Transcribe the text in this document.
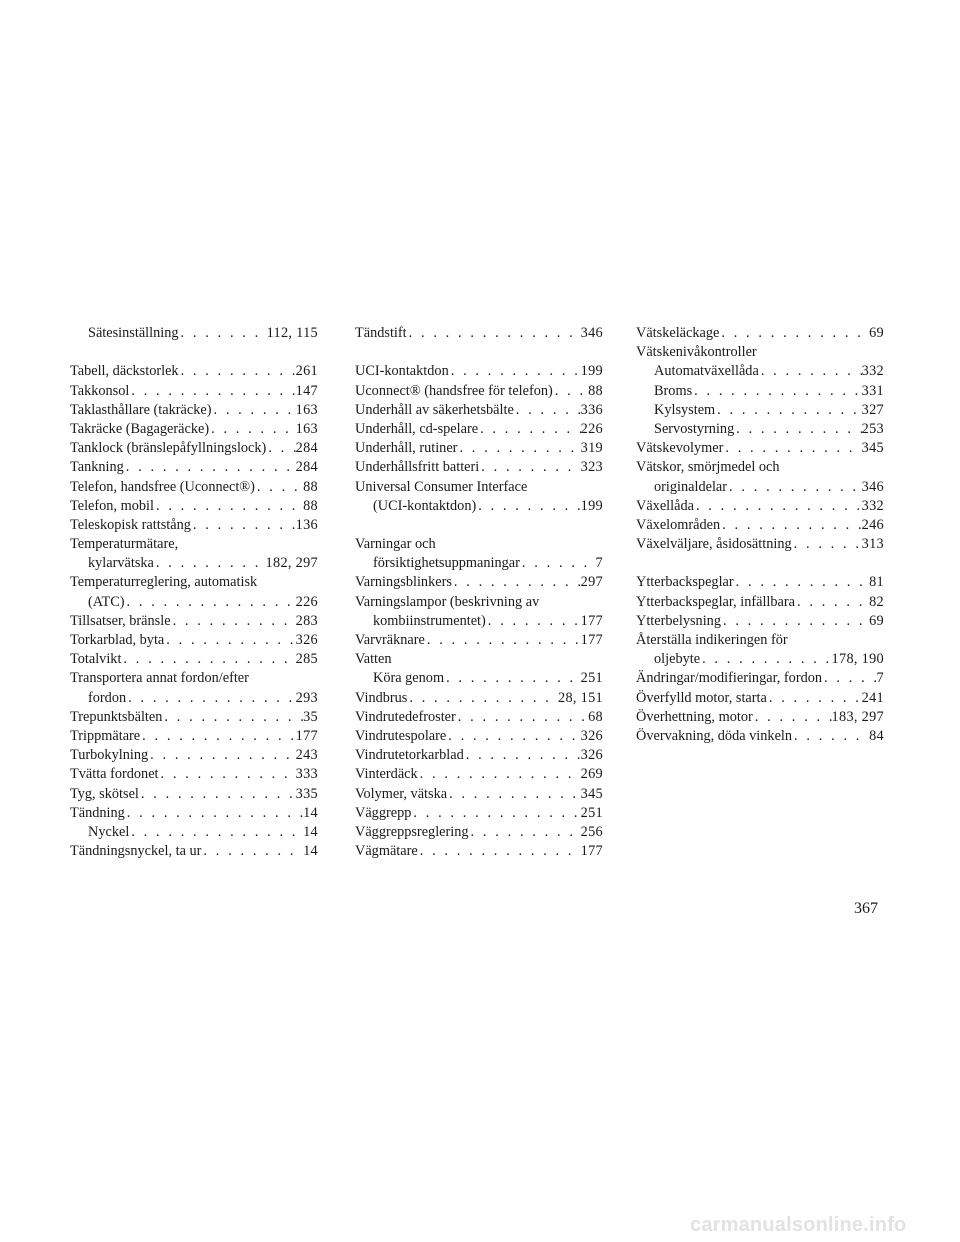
Sätesinställning . . .	112, 115
Tabell, däckstorlek . . .	261
Takkonsol . . .	147
Taklasthållare (takräcke) . . .	163
Takräcke (Bagageräcke) . . .	163
Tanklock (bränslepåfyllningslock) . . . 284
Tankning . . .	284
Telefon, handsfree (Uconnect®) . . .	88
Telefon, mobil . . .	88
Teleskopisk rattstång . . .	136
Temperaturmätare,
kylarvätska . . .	182, 297
Temperaturreglering, automatisk
(ATC) . . .	226
Tillsatser, bränsle . . .	283
Torkarblad, byta . . .	326
Totalvikt . . .	285
Transportera annat fordon/efter
fordon . . .	293
Trepunktsbälten . . .	35
Trippmätare . . .	177
Turbokylning . . .	243
Tvätta fordonet . . .	333
Tyg, skötsel . . .	335
Tändning . . .	14
Nyckel . . .	14
Tändningsnyckel, ta ur . . .	14
Tändstift . . .	346
UCI-kontaktdon . . .	199
Uconnect® (handsfree för telefon) . . . 88
Underhåll av säkerhetsbälte . . .	336
Underhåll, cd-spelare . . .	226
Underhåll, rutiner . . .	319
Underhållsfritt batteri . . .	323
Universal Consumer Interface
(UCI-kontaktdon) . . .	199
Varningar och
försiktighetsuppmaningar . . .	7
Varningsblinkers . . .	297
Varningslampor (beskrivning av
kombiinstrumentet) . . .	177
Varvräknare . . .	177
Vatten
Köra genom . . .	251
Vindbrus . . .	28, 151
Vindrutedefroster . . .	68
Vindrutespolare . . .	326
Vindrutetorkarblad . . .	326
Vinterdäck . . .	269
Volymer, vätska . . .	345
Väggrepp . . .	251
Väggreppsreglering . . .	256
Vägmätare . . .	177
Vätskeläckage . . .	69
Vätskenivåkontroller
Automatväxellåda . . .	332
Broms . . .	331
Kylsystem . . .	327
Servostyrning . . .	253
Vätskevolymer . . .	345
Vätskor, smörjmedel och
originaldelar . . .	346
Växellåda . . .	332
Växelområden . . .	246
Växelväljare, åsidosättning . . .	313
Ytterbackspeglar . . .	81
Ytterbackspeglar, infällbara . . .	82
Ytterbelysning . . .	69
Återställa indikeringen för
oljebyte . . .	178, 190
Ändringar/modifieringar, fordon . . .	7
Överfylld motor, starta . . .	241
Överhettning, motor . . .	183, 297
Övervakning, döda vinkeln . . .	84
367
carmanualsonline.info
